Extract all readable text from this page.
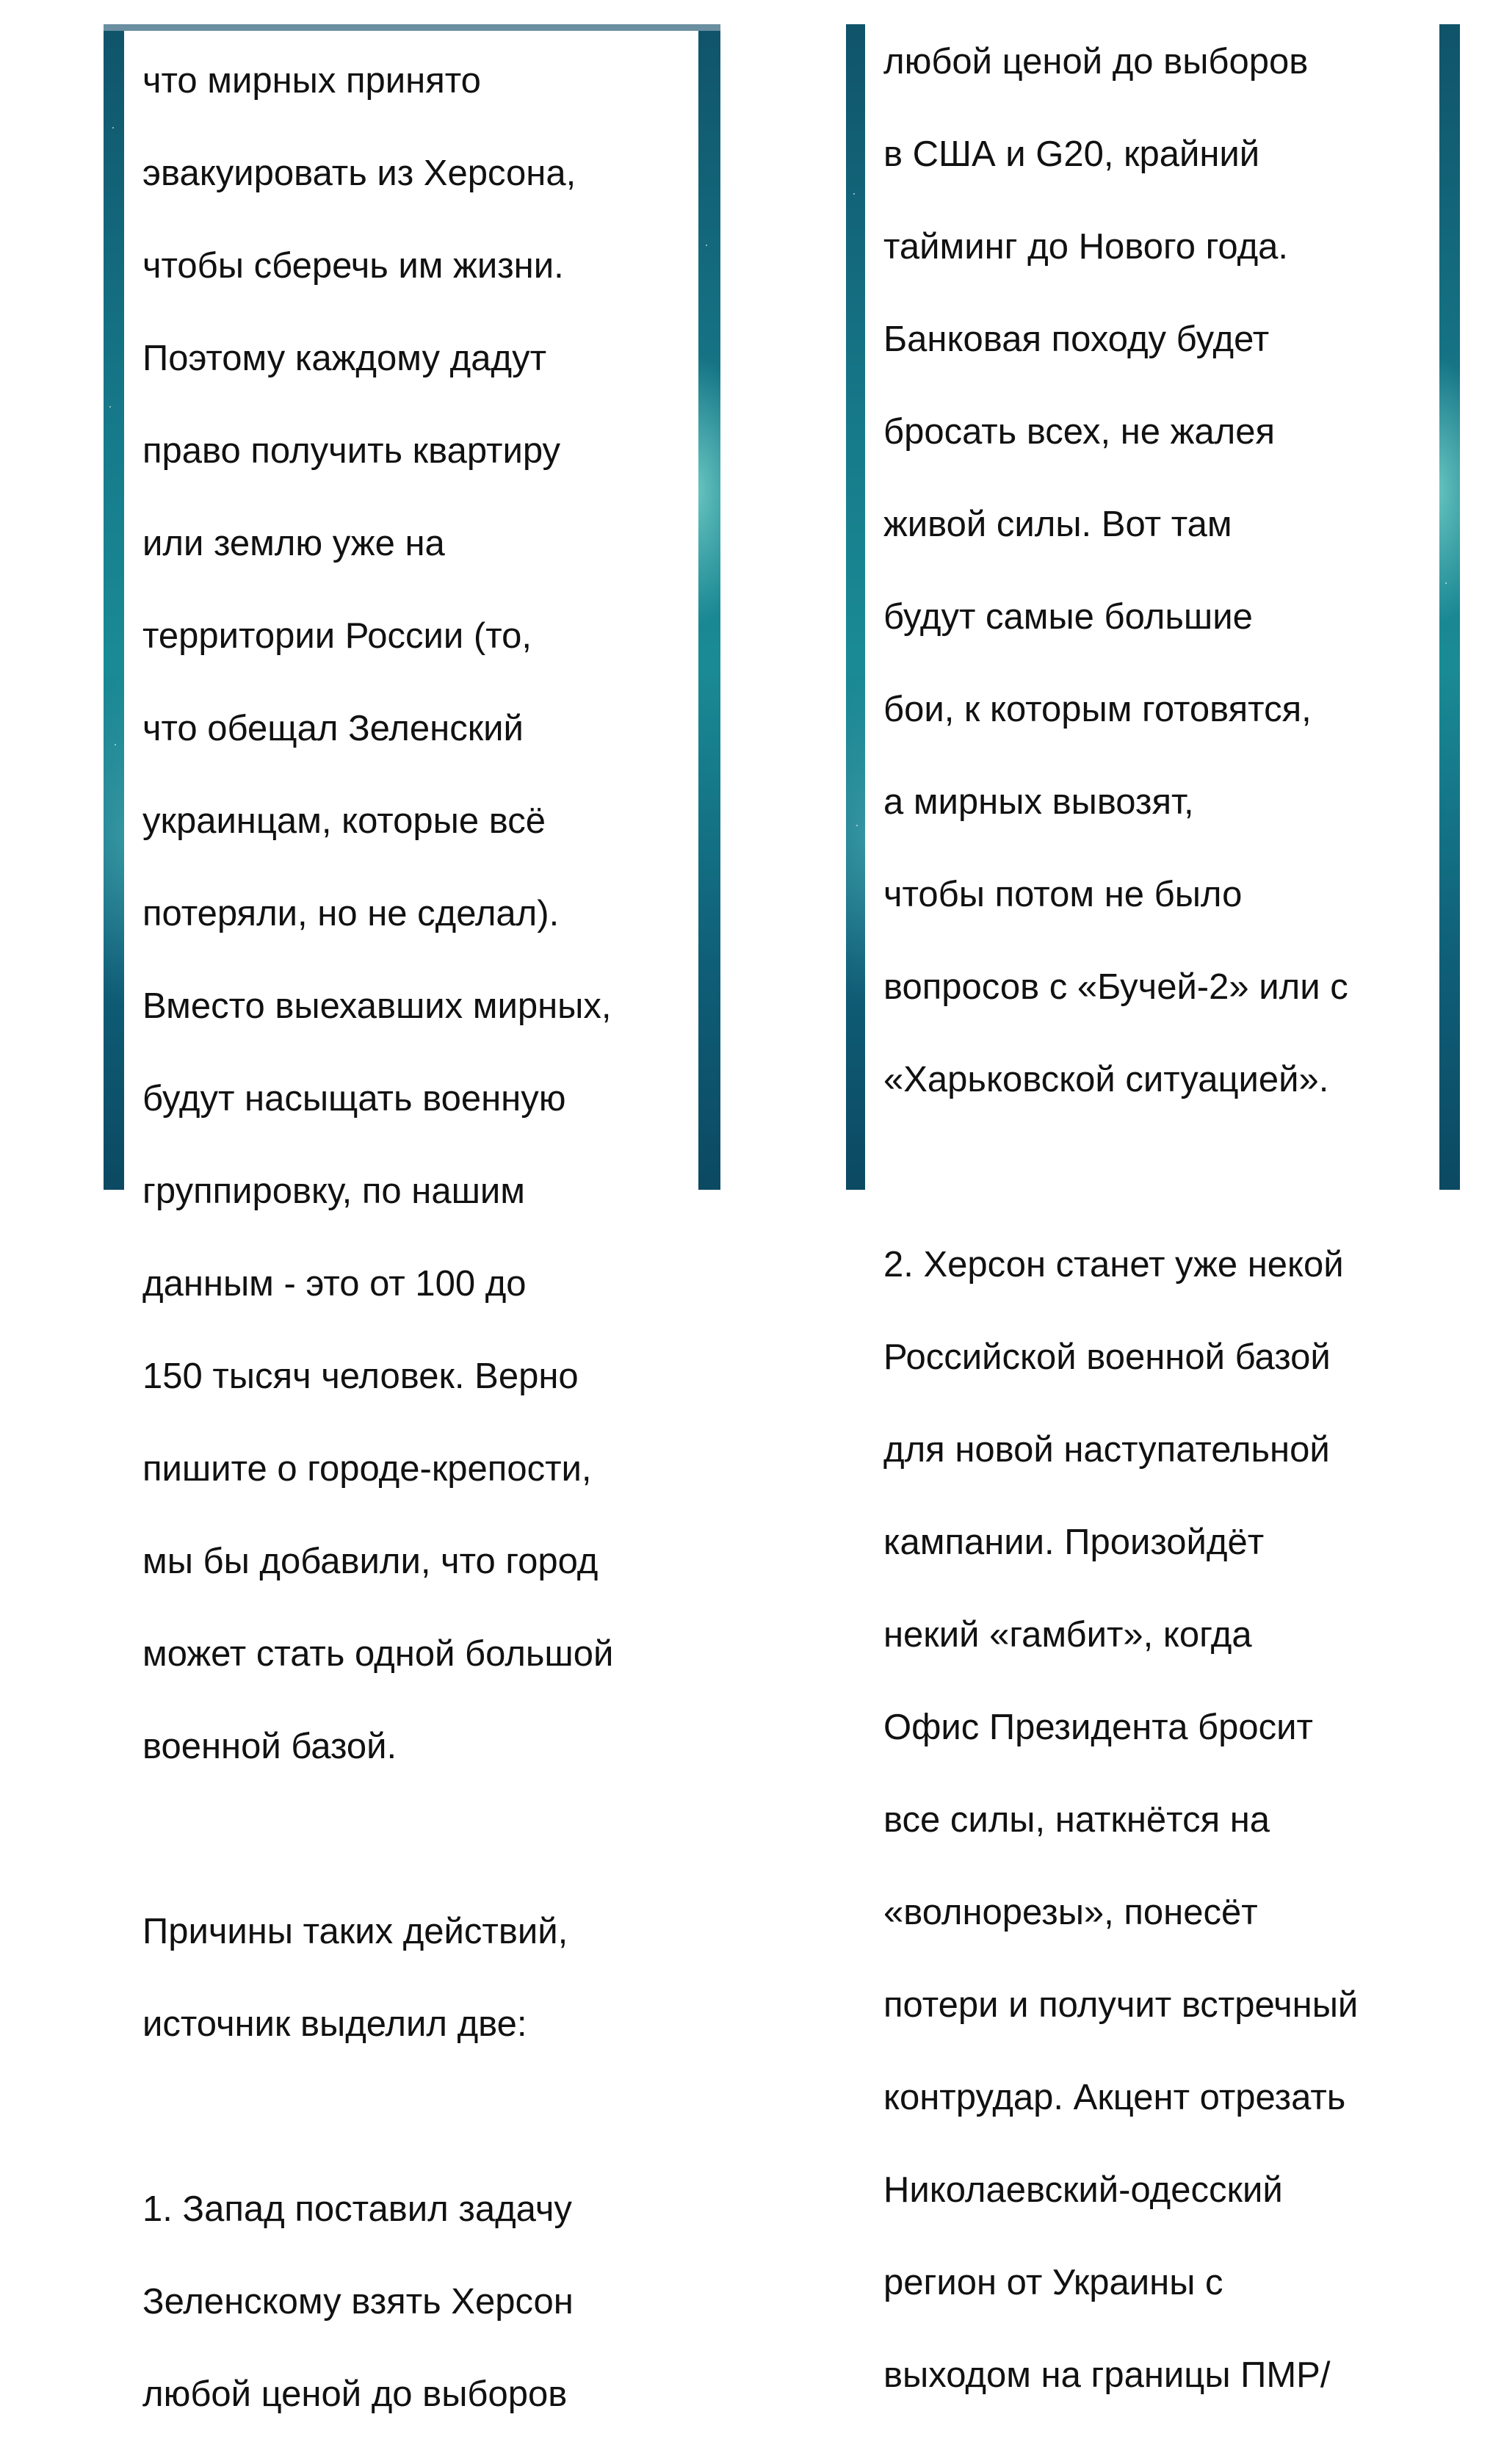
что мирных принято

эвакуировать из Херсона,

чтобы сберечь им жизни.

Поэтому каждому дадут

право получить квартиру

или землю уже на

территории России (то,

что обещал Зеленский

украинцам, которые всё

потеряли, но не сделал).

Вместо выехавших мирных,

будут насыщать военную

группировку, по нашим

данным - это от 100 до

150 тысяч человек. Верно

пишите о городе-крепости,

мы бы добавили, что город

может стать одной большой

военной базой.

Причины таких действий,

источник выделил две:

1. Запад поставил задачу

Зеленскому взять Херсон

любой ценой до выборов

любой ценой до выборов

в США и G20, крайний

тайминг до Нового года.

Банковая походу будет

бросать всех, не жалея

живой силы. Вот там

будут самые большие

бои, к которым готовятся,

а мирных вывозят,

чтобы потом не было

вопросов с «Бучей-2» или с

«Харьковской ситуацией».

2. Херсон станет уже некой

Российской военной базой

для новой наступательной

кампании. Произойдёт

некий «гамбит», когда

Офис Президента бросит

все силы, наткнётся на

«волнорезы», понесёт

потери и получит встречный

контрудар. Акцент отрезать

Николаевский-одесский

регион от Украины с

выходом на границы ПМР/
